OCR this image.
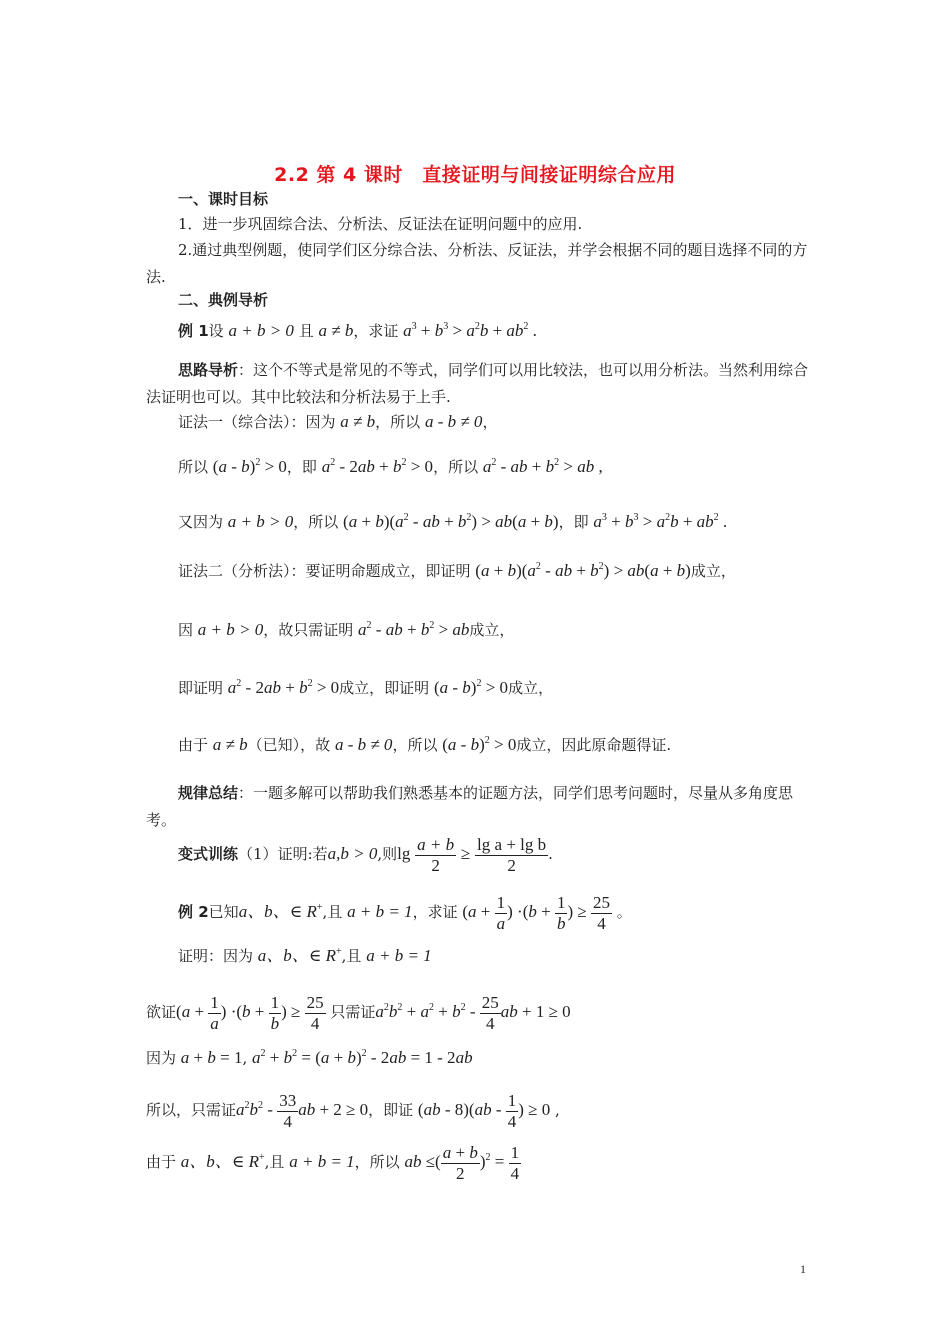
2.2 第 4 课时　直接证明与间接证明综合应用
一、课时目标
1．进一步巩固综合法、分析法、反证法在证明问题中的应用.
2.通过典型例题，使同学们区分综合法、分析法、反证法，并学会根据不同的题目选择不同的方法.
二、典例导析
例 1设 a + b > 0 且 a ≠ b，求证 $a^3 + b^3 > a^2b + ab^2$ .
思路导析：这个不等式是常见的不等式，同学们可以用比较法，也可以用分析法。当然利用综合法证明也可以。其中比较法和分析法易于上手.
证法一（综合法）：因为 a ≠ b，所以 a - b ≠ 0，
所以 (a - b)$^2$ > 0，即 $a^2 - 2ab + b^2 > 0$，所以 $a^2$ - ab + $b^2$ > ab ,
又因为 a + b > 0，所以 $(a + b)(a^2$ - ab + $b^2) > ab(a + b)$，即 $a^3 + b^3 > a^2b + ab^2$ .
证法二（分析法）：要证明命题成立，即证明 $(a + b)(a^2$ - ab + $b^2) > ab(a + b)$成立，
因 a + b > 0，故只需证明 $a^2$ - ab + $b^2$ > ab成立，
即证明 $a^2 - 2ab + b^2 > 0$成立，即证明 (a - b)$^2$ > 0成立，
由于 a ≠ b（已知），故 a - b ≠ 0，所以 (a - b)$^2$ > 0成立，因此原命题得证.
规律总结：一题多解可以帮助我们熟悉基本的证题方法，同学们思考问题时，尽量从多角度思考。
变式训练（1）证明:若a,b > 0,则$\lg \frac{a + b}{2} \ge \frac{\text{lg a + lg b}}{2}$ .
例 2已知a、b、∈ R+,且 a + b = 1，求证 ($a + \frac{1}{a}$ ) $\cdot(b + \frac{1}{b}$ ) ≥ $\frac{25}{4}$ 。
证明：因为 a、b、∈ R+,且 a + b = 1
欲证($a + \frac{1}{a}$ ) $\cdot(b + \frac{1}{b}$ ) ≥ $\frac{25}{4}$ 只需证$a^2b^2 + a^2 + b^2 - \frac{25}{4}$ ab + 1 ≥ 0
因为 a + b = 1, $a^2 + b^2 = (a + b)^2 - 2ab = 1 - 2ab$
所以，只需证$a^2b^2 - \frac{33}{4}$ ab + 2 ≥ 0，即证 $(ab - 8)(ab - \frac{1}{4}$ ) ≥ 0 ,
由于 a、b、∈ R+,且 a + b = 1，所以 ab ≤( $\frac{a + b}{2} )^2 = \frac{1}{4}$
1
